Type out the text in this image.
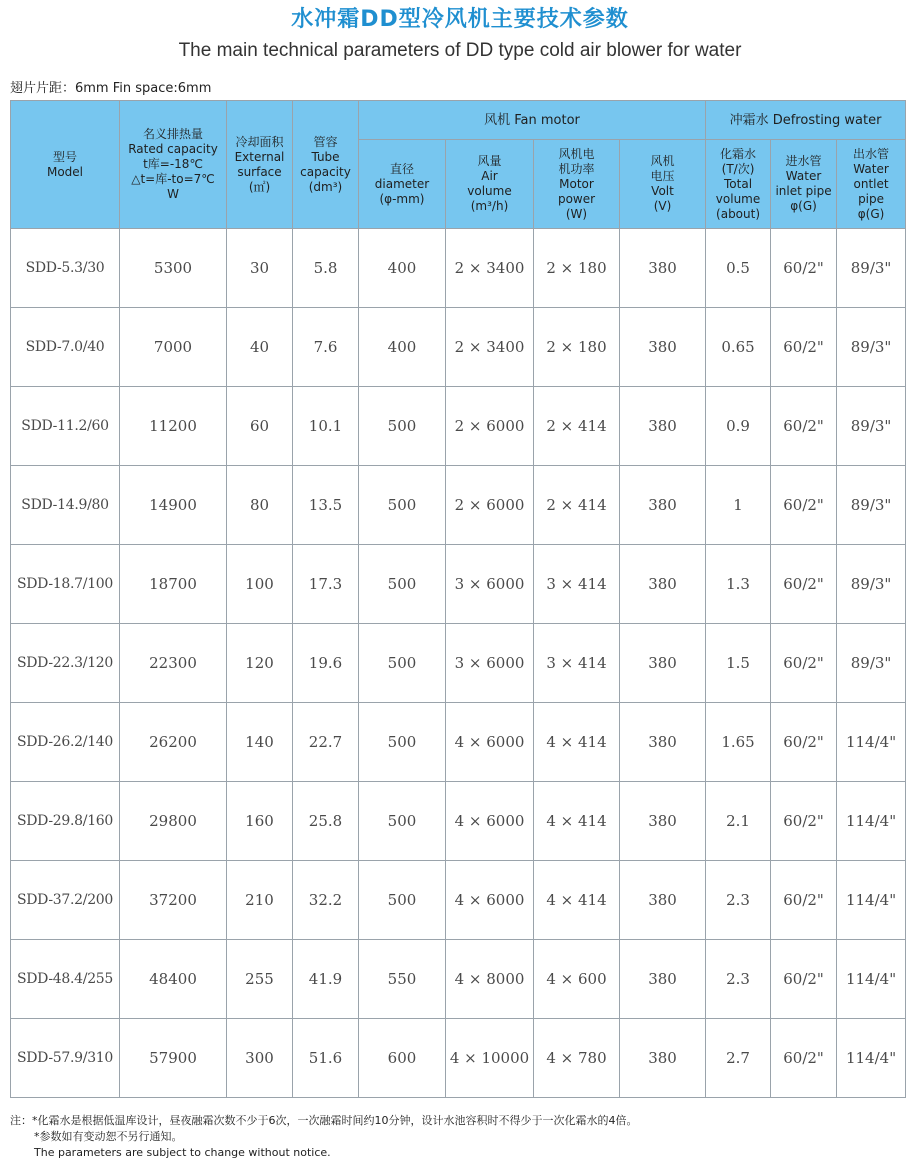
水冲霜DD型冷风机主要技术参数
The main technical parameters of DD type cold air blower for water
翅片片距：6mm Fin space:6mm
型号
Model	名义排热量
Rated capacity
t库=-18℃
△t=库-to=7℃
W	冷却面积
External
surface
(㎡)	管容
Tube
capacity
(dm³)	风机 Fan motor				冲霜水 Defrosting water		

				直径
diameter
(φ-mm)	风量
Air
volume
(m³/h)	风机电
机功率
Motor
power
(W)	风机
电压
Volt
(V)	化霜水
(T/次)
Total
volume
(about)	进水管
Water
inlet pipe
φ(G)	出水管
Water
ontlet
pipe
φ(G)

SDD-5.3/30	5300	30	5.8	400	2 × 3400	2 × 180	380	0.5	60/2"	89/3"
SDD-7.0/40	7000	40	7.6	400	2 × 3400	2 × 180	380	0.65	60/2"	89/3"
SDD-11.2/60	11200	60	10.1	500	2 × 6000	2 × 414	380	0.9	60/2"	89/3"
SDD-14.9/80	14900	80	13.5	500	2 × 6000	2 × 414	380	1	60/2"	89/3"
SDD-18.7/100	18700	100	17.3	500	3 × 6000	3 × 414	380	1.3	60/2"	89/3"
SDD-22.3/120	22300	120	19.6	500	3 × 6000	3 × 414	380	1.5	60/2"	89/3"
SDD-26.2/140	26200	140	22.7	500	4 × 6000	4 × 414	380	1.65	60/2"	114/4"
SDD-29.8/160	29800	160	25.8	500	4 × 6000	4 × 414	380	2.1	60/2"	114/4"
SDD-37.2/200	37200	210	32.2	500	4 × 6000	4 × 414	380	2.3	60/2"	114/4"
SDD-48.4/255	48400	255	41.9	550	4 × 8000	4 × 600	380	2.3	60/2"	114/4"
SDD-57.9/310	57900	300	51.6	600	4 × 10000	4 × 780	380	2.7	60/2"	114/4"
注：*化霜水是根据低温库设计，昼夜融霜次数不少于6次，一次融霜时间约10分钟，设计水池容积时不得少于一次化霜水的4倍。
*参数如有变动恕不另行通知。
The parameters are subject to change without notice.
